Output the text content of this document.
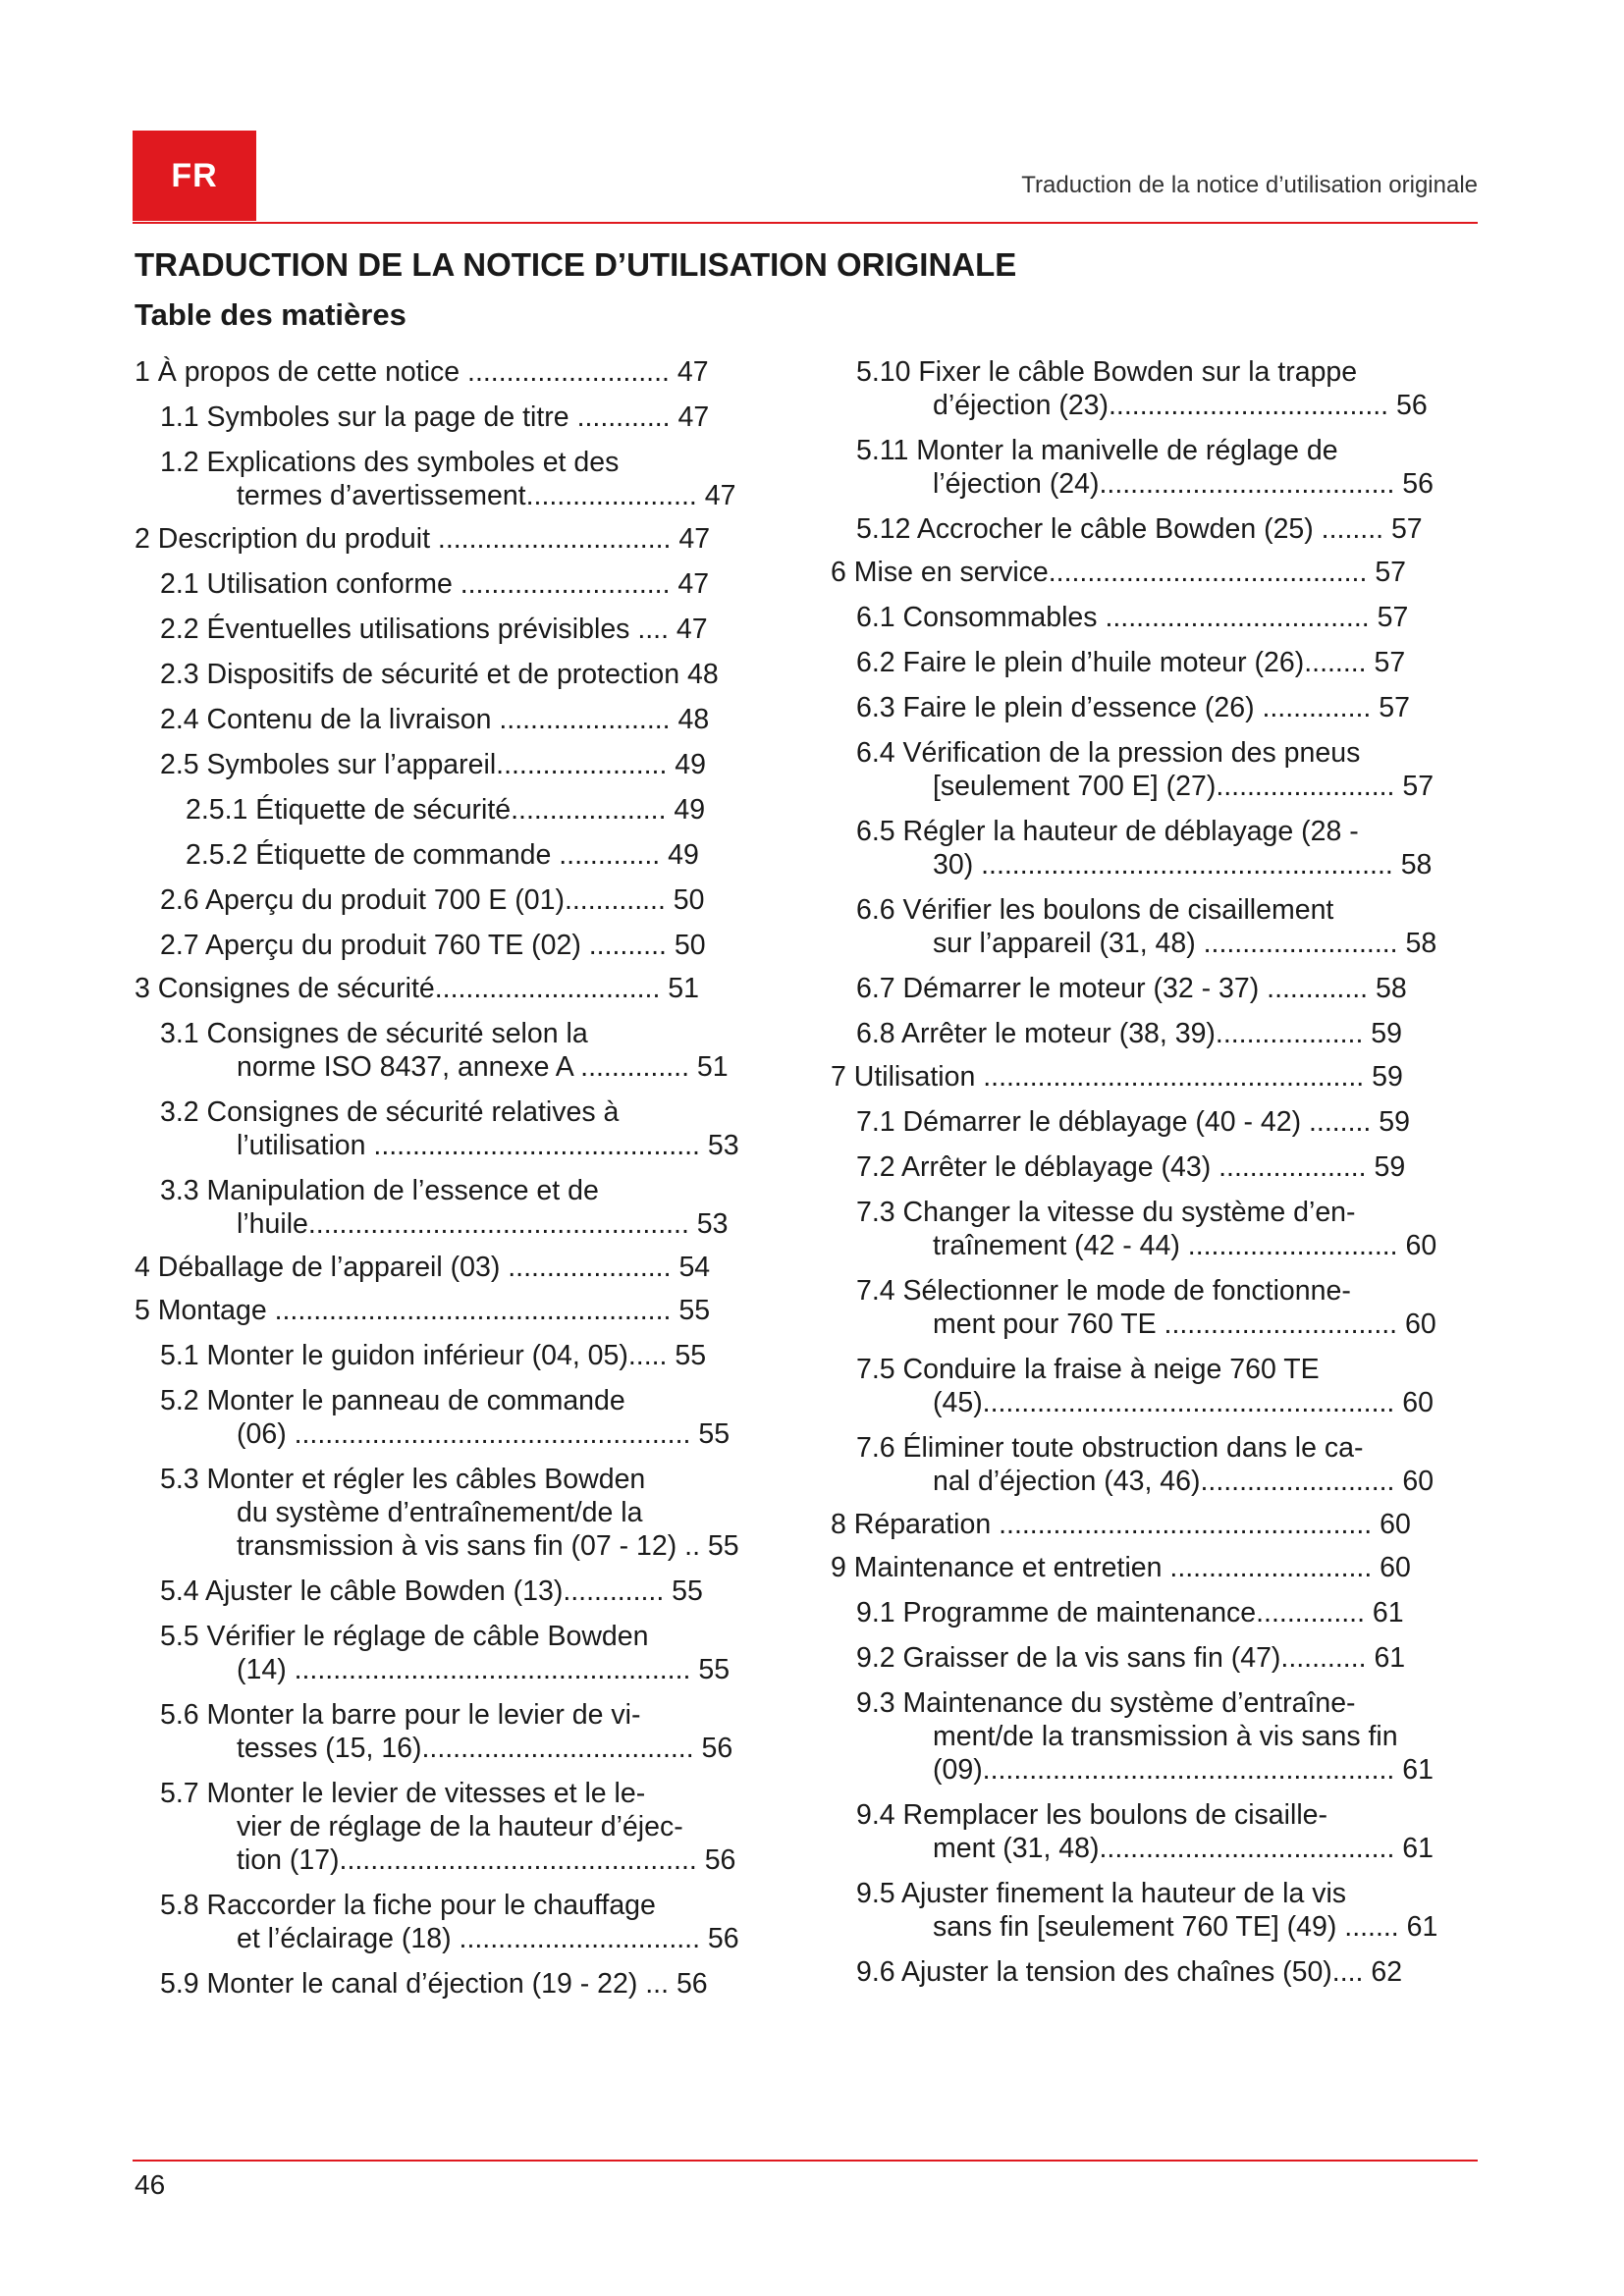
FR	Traduction de la notice d’utilisation originale
TRADUCTION DE LA NOTICE D’UTILISATION ORIGINALE
Table des matières
1 À propos de cette notice .......................... 47
1.1 Symboles sur la page de titre ............ 47
1.2 Explications des symboles et des
termes d’avertissement...................... 47
2 Description du produit .............................. 47
2.1 Utilisation conforme ........................... 47
2.2 Éventuelles utilisations prévisibles .... 47
2.3 Dispositifs de sécurité et de protection 48
2.4 Contenu de la livraison ...................... 48
2.5 Symboles sur l’appareil...................... 49
2.5.1 Étiquette de sécurité.................... 49
2.5.2 Étiquette de commande ............. 49
2.6 Aperçu du produit 700 E (01)............. 50
2.7 Aperçu du produit 760 TE (02) .......... 50
3 Consignes de sécurité............................. 51
3.1 Consignes de sécurité selon la
norme ISO 8437, annexe A .............. 51
3.2 Consignes de sécurité relatives à
l’utilisation .......................................... 53
3.3 Manipulation de l’essence et de
l’huile................................................. 53
4 Déballage de l’appareil (03) ..................... 54
5 Montage ................................................... 55
5.1 Monter le guidon inférieur (04, 05)..... 55
5.2 Monter le panneau de commande
(06) ................................................... 55
5.3 Monter et régler les câbles Bowden
du système d’entraînement/de la
transmission à vis sans fin (07 - 12) .. 55
5.4 Ajuster le câble Bowden (13)............. 55
5.5 Vérifier le réglage de câble Bowden
(14) ................................................... 55
5.6 Monter la barre pour le levier de vi-
tesses (15, 16)................................... 56
5.7 Monter le levier de vitesses et le le-
vier de réglage de la hauteur d’éjec-
tion (17).............................................. 56
5.8 Raccorder la fiche pour le chauffage
et l’éclairage (18) ............................... 56
5.9 Monter le canal d’éjection (19 - 22) ... 56
5.10 Fixer le câble Bowden sur la trappe
d’éjection (23).................................... 56
5.11 Monter la manivelle de réglage de
l’éjection (24)...................................... 56
5.12 Accrocher le câble Bowden (25) ........ 57
6 Mise en service......................................... 57
6.1 Consommables .................................. 57
6.2 Faire le plein d’huile moteur (26)........ 57
6.3 Faire le plein d’essence (26) .............. 57
6.4 Vérification de la pression des pneus
[seulement 700 E] (27)....................... 57
6.5 Régler la hauteur de déblayage (28 -
30) ..................................................... 58
6.6 Vérifier les boulons de cisaillement
sur l’appareil (31, 48) ......................... 58
6.7 Démarrer le moteur (32 - 37) ............. 58
6.8 Arrêter le moteur (38, 39)................... 59
7 Utilisation ................................................. 59
7.1 Démarrer le déblayage (40 - 42) ........ 59
7.2 Arrêter le déblayage (43) ................... 59
7.3 Changer la vitesse du système d’en-
traînement (42 - 44) ........................... 60
7.4 Sélectionner le mode de fonctionne-
ment pour 760 TE .............................. 60
7.5 Conduire la fraise à neige 760 TE
(45)..................................................... 60
7.6 Éliminer toute obstruction dans le ca-
nal d’éjection (43, 46)......................... 60
8 Réparation ................................................ 60
9 Maintenance et entretien .......................... 60
9.1 Programme de maintenance.............. 61
9.2 Graisser de la vis sans fin (47)........... 61
9.3 Maintenance du système d’entraîne-
ment/de la transmission à vis sans fin
(09)..................................................... 61
9.4 Remplacer les boulons de cisaille-
ment (31, 48)...................................... 61
9.5 Ajuster finement la hauteur de la vis
sans fin [seulement 760 TE] (49) ....... 61
9.6 Ajuster la tension des chaînes (50).... 62
46
